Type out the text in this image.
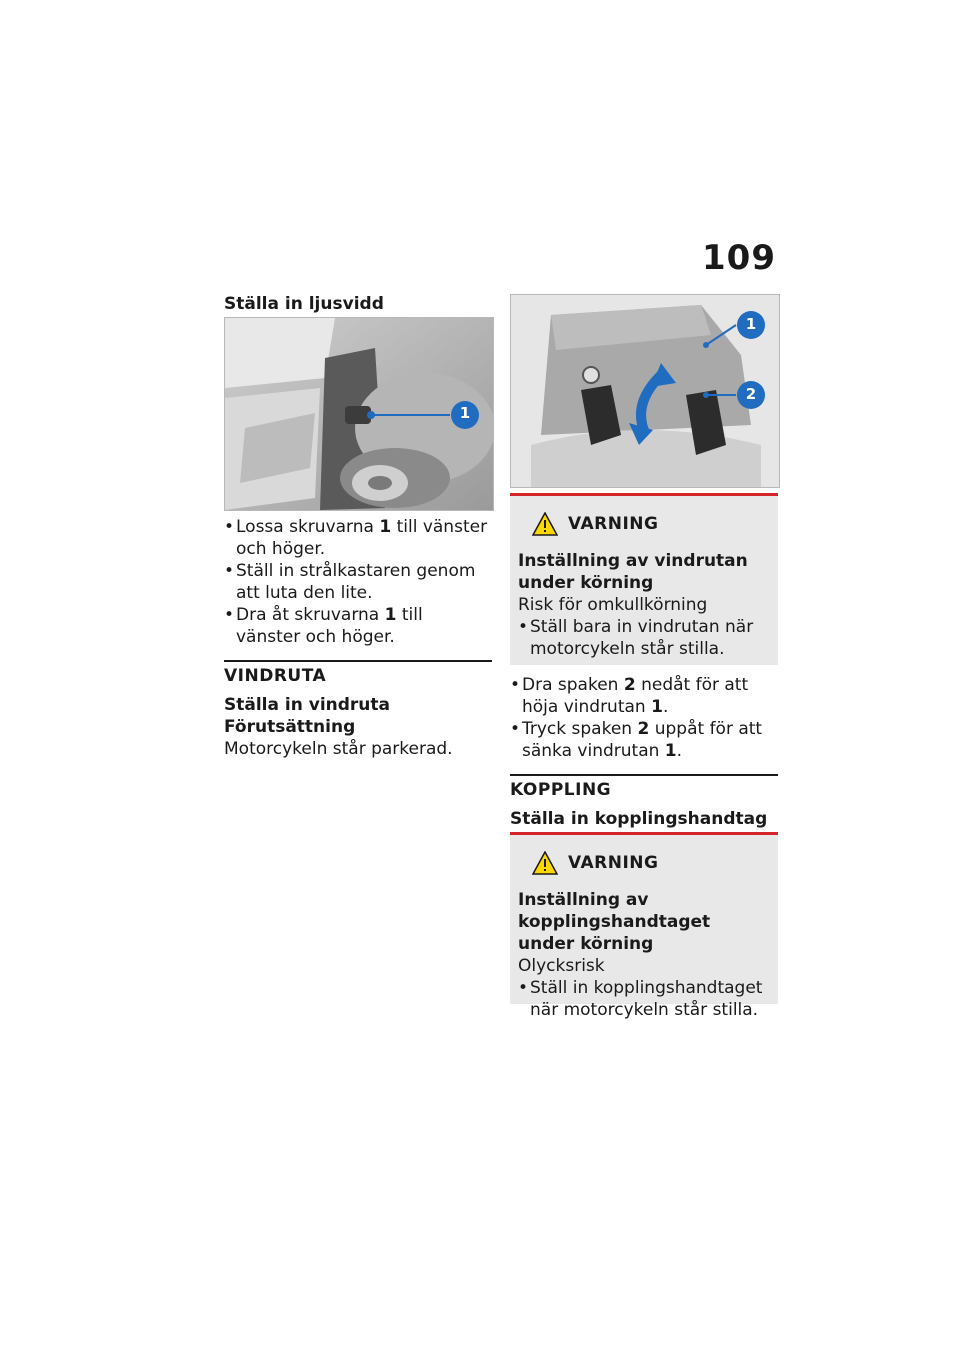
109
Ställa in ljusvidd
1
• Lossa skruvarna 1 till vänster och höger.
• Ställ in strålkastaren genom att luta den lite.
• Dra åt skruvarna 1 till vänster och höger.

VINDRUTA

Ställa in vindruta

Förutsättning

Motorcykeln står parkerad.

1
2
VARNING

Inställning av vindrutan under körning

Risk för omkullkörning

• Ställ bara in vindrutan när motorcykeln står stilla.
• Dra spaken 2 nedåt för att höja vindrutan 1.
• Tryck spaken 2 uppåt för att sänka vindrutan 1.

KOPPLING

Ställa in kopplingshandtag

VARNING

Inställning av kopplingshandtaget under körning

Olycksrisk

• Ställ in kopplingshandtaget när motorcykeln står stilla.
